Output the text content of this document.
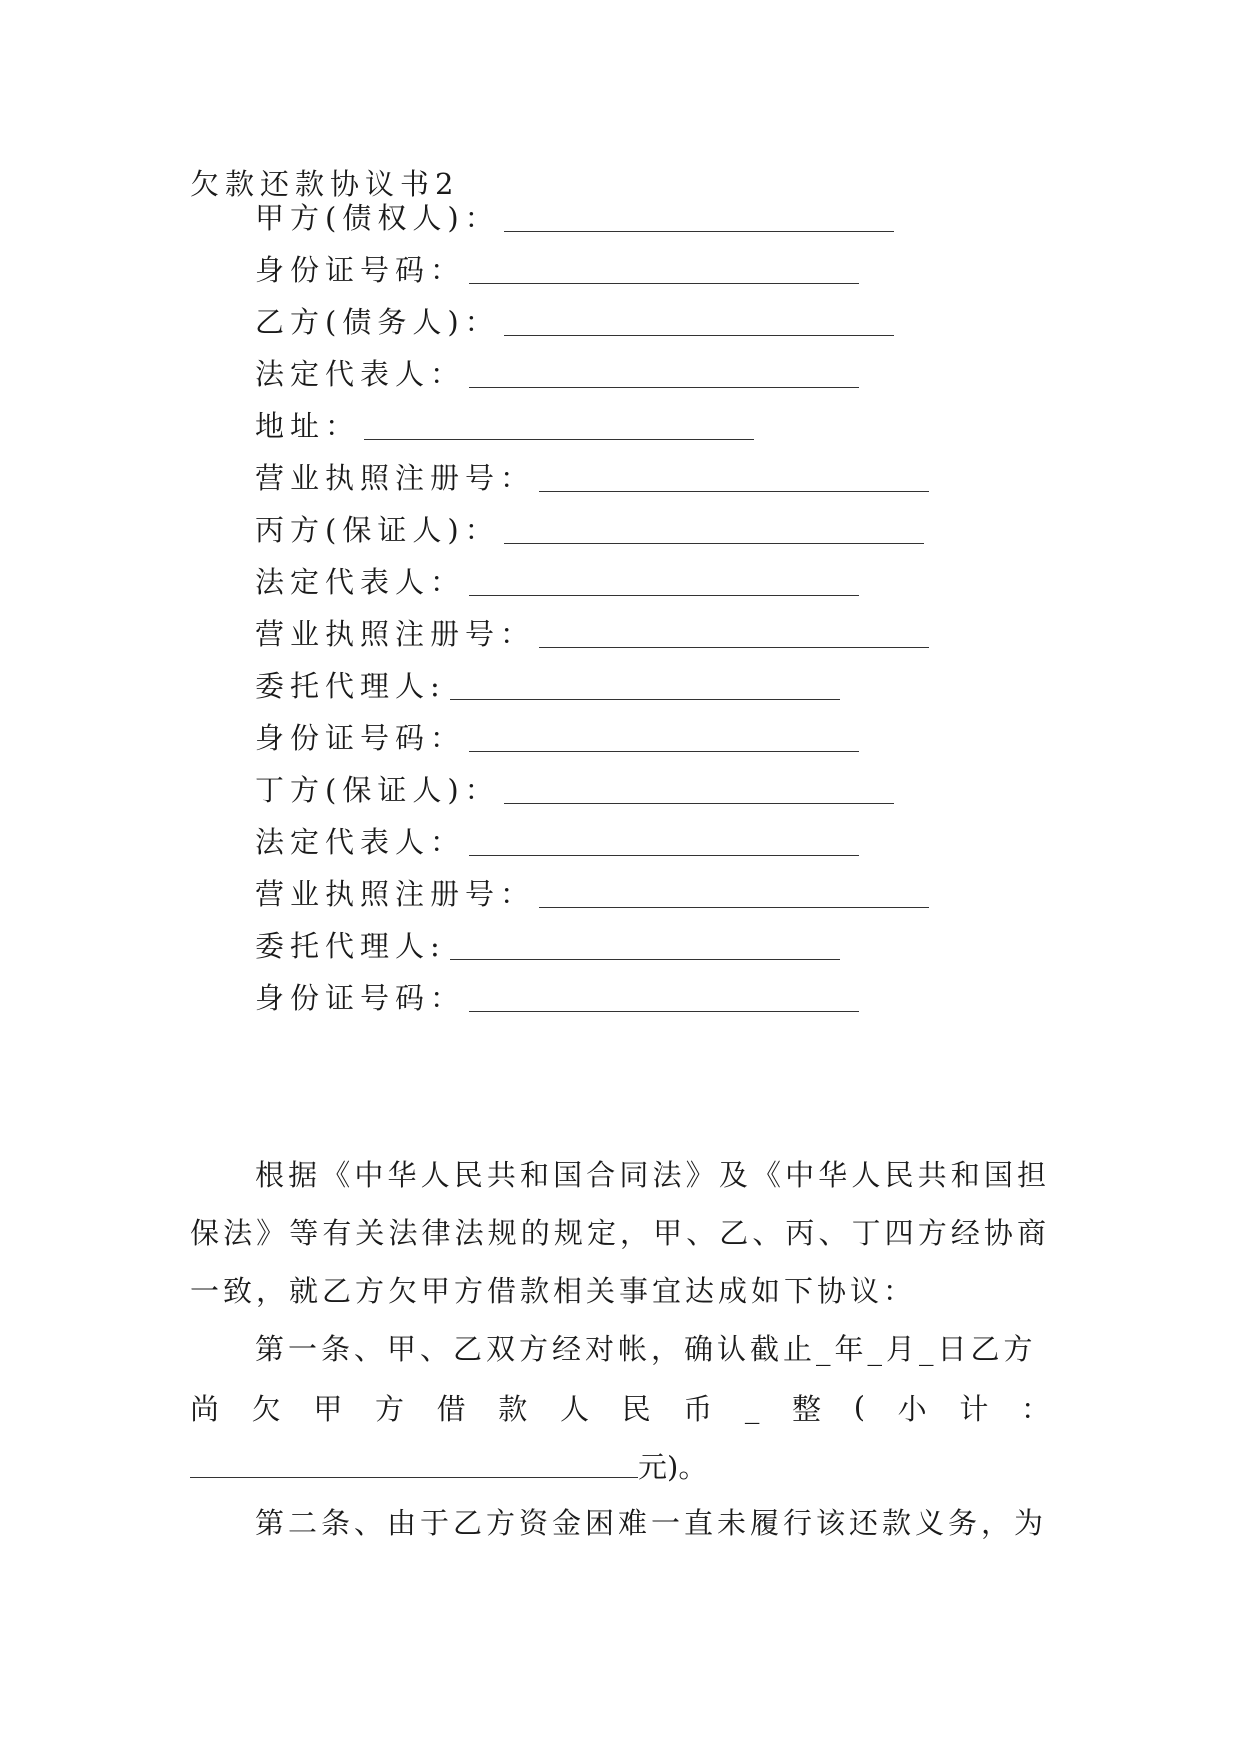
欠款还款协议书2
甲方(债权人)：
身份证号码：
乙方(债务人)：
法定代表人：
地址：
营业执照注册号：
丙方(保证人)：
法定代表人：
营业执照注册号：
委托代理人:
身份证号码：
丁方(保证人)：
法定代表人：
营业执照注册号：
委托代理人:
身份证号码：

根据《中华人民共和国合同法》及《中华人民共和国担保法》等有关法律法规的规定，甲、乙、丙、丁四方经协商一致，就乙方欠甲方借款相关事宜达成如下协议：

第一条、甲、乙双方经对帐，确认截止_年_月_日乙方
尚 欠 甲 方 借 款 人 民 币 _ 整 ( 小 计 ：
元)。
第二条、由于乙方资金困难一直未履行该还款义务，为
